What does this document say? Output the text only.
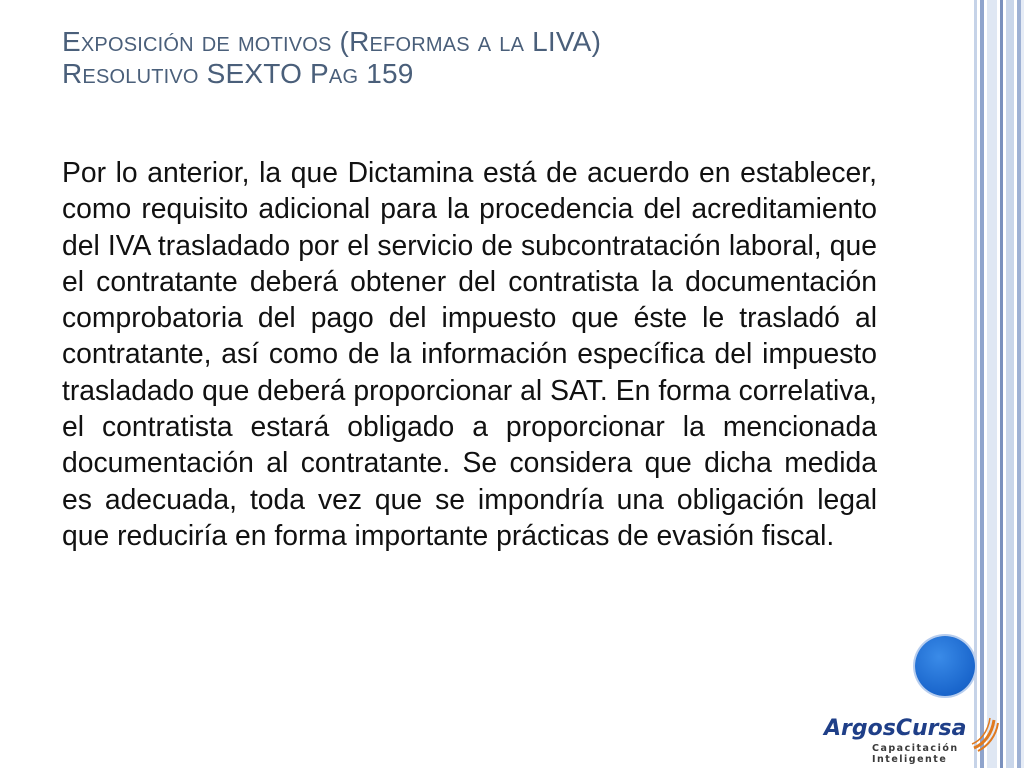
Exposición de motivos (Reformas a la LIVA)
Resolutivo SEXTO Pag 159

Por lo anterior, la que Dictamina está de acuerdo en establecer, como requisito adicional para la procedencia del acreditamiento del IVA trasladado por el servicio de subcontratación laboral, que el contratante deberá obtener del contratista la documentación comprobatoria del pago del impuesto que éste le trasladó al contratante, así como de la información específica del impuesto trasladado que deberá proporcionar al SAT. En forma correlativa, el contratista estará obligado a proporcionar la mencionada documentación al contratante. Se considera que dicha medida es adecuada, toda vez que se impondría una obligación legal que reduciría en forma importante prácticas de evasión fiscal.

ArgosCursa
Capacitación
Inteligente
